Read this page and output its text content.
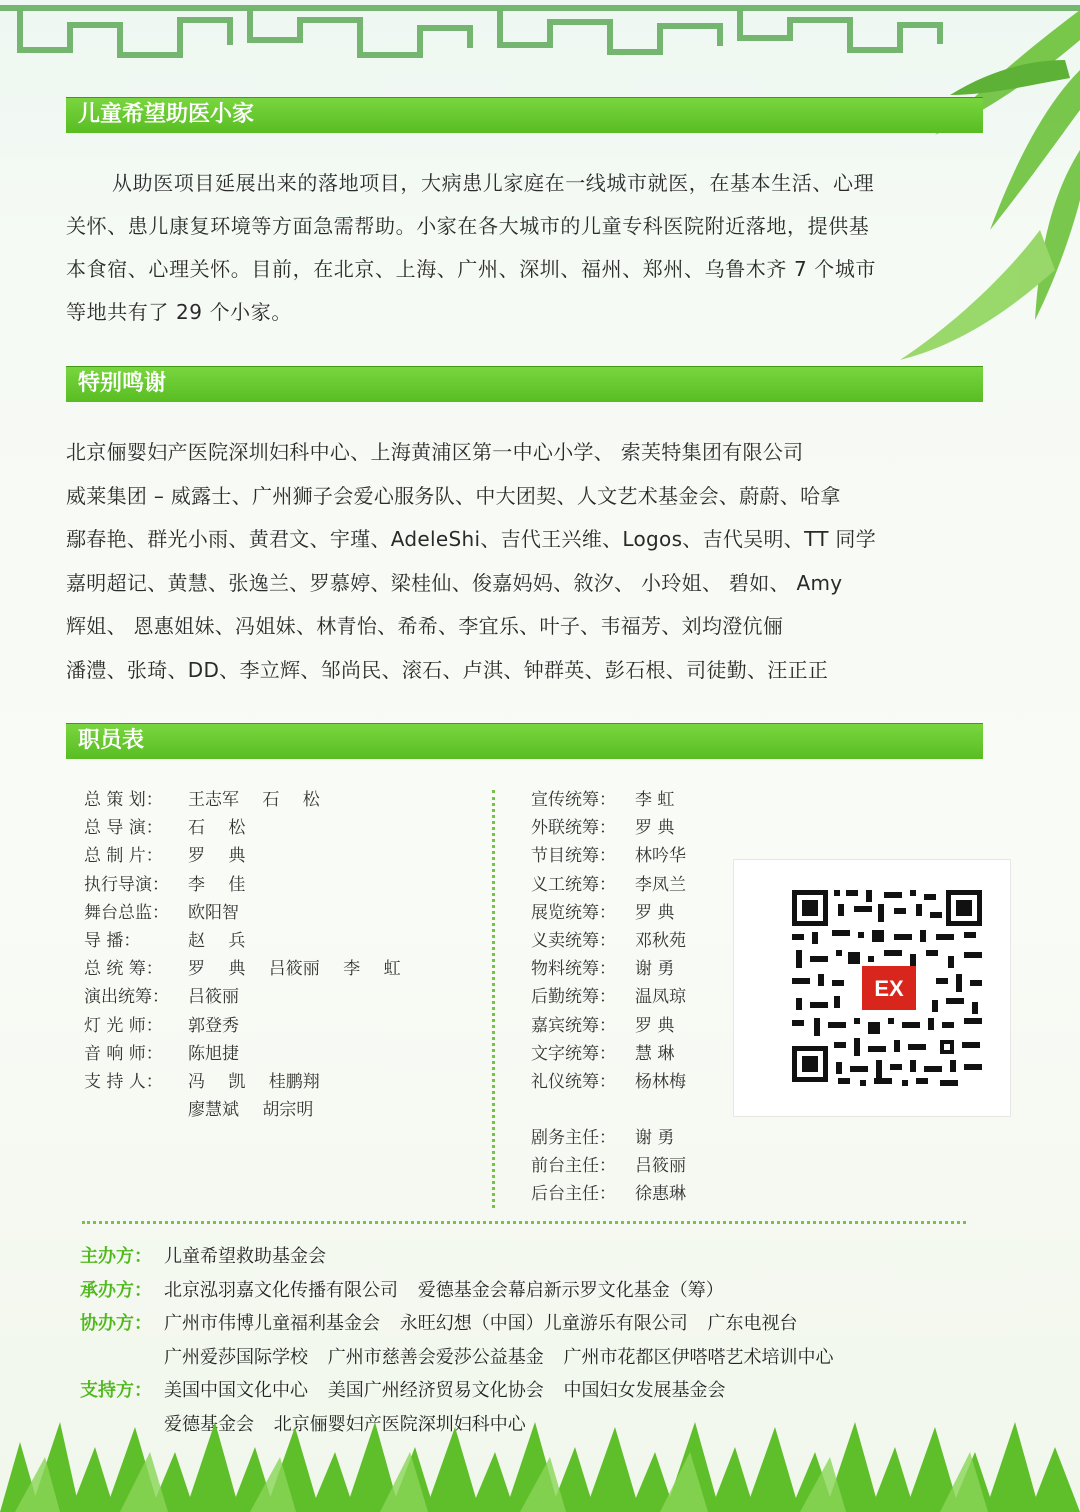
儿童希望助医小家
从助医项目延展出来的落地项目，大病患儿家庭在一线城市就医，在基本生活、心理
关怀、患儿康复环境等方面急需帮助。小家在各大城市的儿童专科医院附近落地，提供基
本食宿、心理关怀。目前，在北京、上海、广州、深圳、福州、郑州、乌鲁木齐 7 个城市
等地共有了 29 个小家。
特别鸣谢
北京俪婴妇产医院深圳妇科中心、上海黄浦区第一中心小学、 索芙特集团有限公司
威莱集团 – 威露士、广州狮子会爱心服务队、中大团契、人文艺术基金会、蔚蔚、哈拿
鄢春艳、群光小雨、黄君文、宇瑾、AdeleShi、吉代王兴维、Logos、吉代吴明、TT 同学
嘉明超记、黄慧、张逸兰、罗慕婷、梁桂仙、俊嘉妈妈、敘汐、 小玲姐、 碧如、 Amy
辉姐、 恩惠姐妹、冯姐妹、林青怡、希希、李宜乐、叶子、韦福芳、刘均澄伉俪
潘澧、张琦、DD、李立辉、邹尚民、滚石、卢淇、钟群英、彭石根、司徒勤、汪正正
职员表
总 策 划： 王志军 石 松
总 导 演： 石 松
总 制 片： 罗 典
执行导演： 李 佳
舞台总监： 欧阳智
导 播：	赵 兵
总 统 筹： 罗 典 吕筱丽 李 虹
演出统筹： 吕筱丽
灯 光 师： 郭登秀
音 响 师： 陈旭捷
支 持 人： 冯 凯 桂鹏翔
廖慧斌 胡宗明
宣传统筹： 李 虹
外联统筹： 罗 典
节目统筹： 林吟华
义工统筹： 李凤兰
展览统筹： 罗 典
义卖统筹： 邓秋苑
物料统筹： 谢 勇
后勤统筹： 温凤琼
嘉宾统筹： 罗 典
文字统筹： 慧 琳
礼仪统筹： 杨林梅
剧务主任： 谢 勇
前台主任： 吕筱丽
后台主任： 徐惠琳
EX
主办方： 儿童希望救助基金会
承办方： 北京泓羽嘉文化传播有限公司 爱德基金会幕启新示罗文化基金（筹）
协办方： 广州市伟博儿童福利基金会 永旺幻想（中国）儿童游乐有限公司 广东电视台
广州爱莎国际学校 广州市慈善会爱莎公益基金 广州市花都区伊嗒嗒艺术培训中心
支持方： 美国中国文化中心 美国广州经济贸易文化协会 中国妇女发展基金会
爱德基金会 北京俪婴妇产医院深圳妇科中心
